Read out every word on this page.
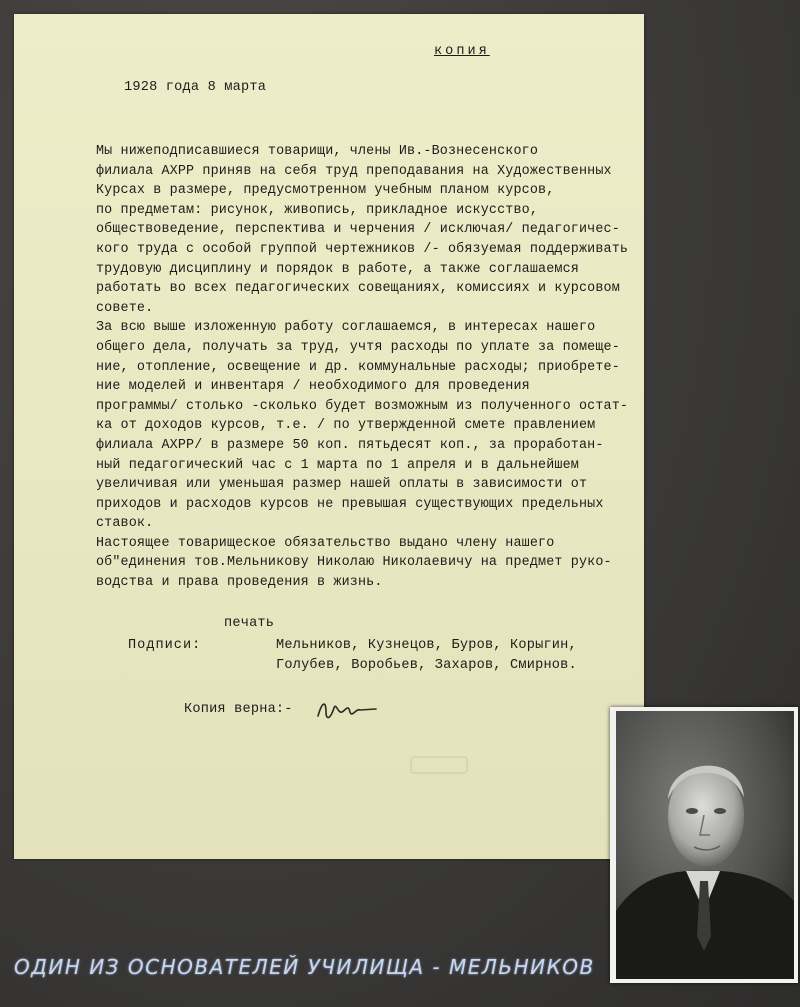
копия
1928 года 8 марта
Мы нижеподписавшиеся товарищи, члены Ив.-Вознесенского
филиала АХРР приняв на себя труд преподавания на Художественных
Курсах в размере, предусмотренном учебным планом курсов,
по предметам: рисунок, живопись, прикладное искусство,
обществоведение, перспектива и черчения / исключая/ педагогичес-
кого труда с особой группой чертежников /- обязуемая поддерживать
трудовую дисциплину и порядок в работе, а также соглашаемся
работать во всех педагогических совещаниях, комиссиях и курсовом
совете.
За всю выше изложенную работу соглашаемся, в интересах нашего
общего дела, получать за труд, учтя расходы по уплате за помеще-
ние, отопление, освещение и др. коммунальные расходы; приобрете-
ние моделей и инвентаря / необходимого для проведения
программы/ столько -сколько будет возможным из полученного остат-
ка от доходов курсов, т.е. / по утвержденной смете правлением
филиала АХРР/ в размере 50 коп. пятьдесят коп., за проработан-
ный педагогический час с 1 марта по 1 апреля и в дальнейшем
увеличивая или уменьшая размер нашей оплаты в зависимости от
приходов и расходов курсов не превышая существующих предельных
ставок.
Настоящее товарищеское обязательство выдано члену нашего
об"единения тов.Мельникову Николаю Николаевичу на предмет руко-
водства и права проведения в жизнь.
печать
Подписи:	Мельников, Кузнецов, Буров, Корыгин,
Голубев, Воробьев, Захаров, Смирнов.
Копия верна:-
ОДИН ИЗ ОСНОВАТЕЛЕЙ УЧИЛИЩА - МЕЛЬНИКОВ
